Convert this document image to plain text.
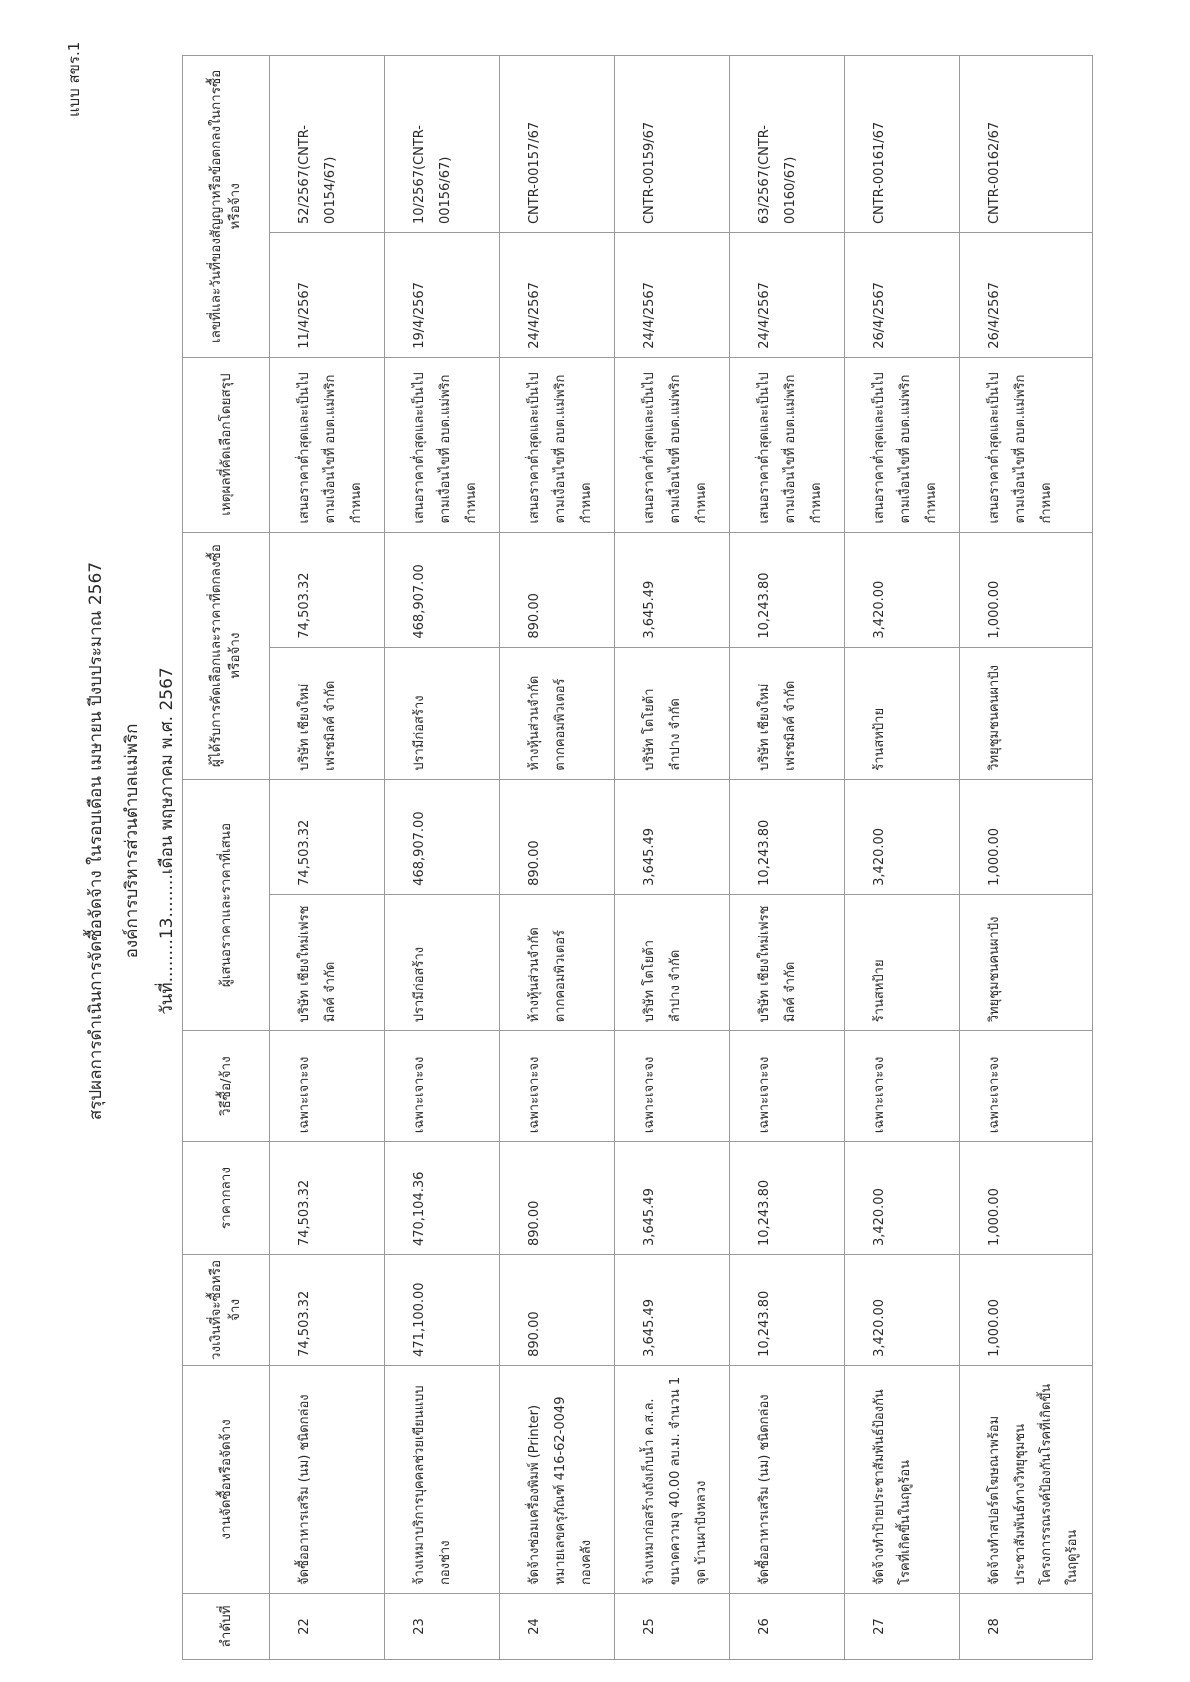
แบบ สขร.1
สรุปผลการดำเนินการจัดซื้อจัดจ้าง ในรอบเดือน เมษายน ปีงบประมาณ 2567 องค์การบริหารส่วนตำบลแม่พริก วันที่........13........เดือน พฤษภาคม พ.ศ. 2567
ลำดับที่	งานจัดซื้อหรือจัดจ้าง	วงเงินที่จะซื้อหรือจ้าง	ราคากลาง	วิธีซื้อ/จ้าง	ผู้เสนอราคาและราคาที่เสนอ		ผู้ได้รับการคัดเลือกและราคาที่ตกลงซื้อหรือจ้าง		เหตุผลที่คัดเลือกโดยสรุป	เลขที่และวันที่ของสัญญาหรือข้อตกลงในการซื้อหรือจ้าง	

22	จัดซื้ออาหารเสริม (นม) ชนิดกล่อง	74,503.32	74,503.32	เฉพาะเจาะจง	บริษัท เชียงใหม่เฟรชมิลค์ จำกัด	74,503.32	บริษัท เชียงใหม่เฟรชมิลค์ จำกัด	74,503.32	เสนอราคาต่ำสุดและเป็นไปตามเงื่อนไขที่ อบต.แม่พริกกำหนด	11/4/2567	52/2567(CNTR-00154/67)

23	จ้างเหมาบริการบุคคลช่วยเขียนแบบ กองช่าง	471,100.00	470,104.36	เฉพาะเจาะจง	ปรามีก่อสร้าง	468,907.00	ปรามีก่อสร้าง	468,907.00	เสนอราคาต่ำสุดและเป็นไปตามเงื่อนไขที่ อบต.แม่พริกกำหนด	19/4/2567	10/2567(CNTR-00156/67)

24	จัดจ้างซ่อมเครื่องพิมพ์ (Printer) หมายเลขครุภัณฑ์ 416-62-0049 กองคลัง	890.00	890.00	เฉพาะเจาะจง	ห้างหุ้นส่วนจำกัด ตากคอมพิวเตอร์	890.00	ห้างหุ้นส่วนจำกัด ตากคอมพิวเตอร์	890.00	เสนอราคาต่ำสุดและเป็นไปตามเงื่อนไขที่ อบต.แม่พริกกำหนด	24/4/2567	CNTR-00157/67

25	จ้างเหมาก่อสร้างถังเก็บน้ำ ค.ส.ล. ขนาดความจุ 40.00 ลบ.ม. จำนวน 1 จุด บ้านผาปังหลวง	3,645.49	3,645.49	เฉพาะเจาะจง	บริษัท โตโยต้าลำปาง จำกัด	3,645.49	บริษัท โตโยต้าลำปาง จำกัด	3,645.49	เสนอราคาต่ำสุดและเป็นไปตามเงื่อนไขที่ อบต.แม่พริกกำหนด	24/4/2567	CNTR-00159/67

26	จัดซื้ออาหารเสริม (นม) ชนิดกล่อง	10,243.80	10,243.80	เฉพาะเจาะจง	บริษัท เชียงใหม่เฟรชมิลค์ จำกัด	10,243.80	บริษัท เชียงใหม่เฟรชมิลค์ จำกัด	10,243.80	เสนอราคาต่ำสุดและเป็นไปตามเงื่อนไขที่ อบต.แม่พริกกำหนด	24/4/2567	63/2567(CNTR-00160/67)

27	จัดจ้างทำป้ายประชาสัมพันธ์ป้องกันโรคที่เกิดขึ้นในฤดูร้อน	3,420.00	3,420.00	เฉพาะเจาะจง	ร้านสหป้าย	3,420.00	ร้านสหป้าย	3,420.00	เสนอราคาต่ำสุดและเป็นไปตามเงื่อนไขที่ อบต.แม่พริกกำหนด	26/4/2567	CNTR-00161/67

28	จัดจ้างทำสปอร์ตโฆษณาพร้อมประชาสัมพันธ์ทางวิทยุชุมชน โครงการรณรงค์ป้องกันโรคที่เกิดขึ้นในฤดูร้อน	1,000.00	1,000.00	เฉพาะเจาะจง	วิทยุชุมชนคนผาปัง	1,000.00	วิทยุชุมชนคนผาปัง	1,000.00	เสนอราคาต่ำสุดและเป็นไปตามเงื่อนไขที่ อบต.แม่พริกกำหนด	26/4/2567	CNTR-00162/67
